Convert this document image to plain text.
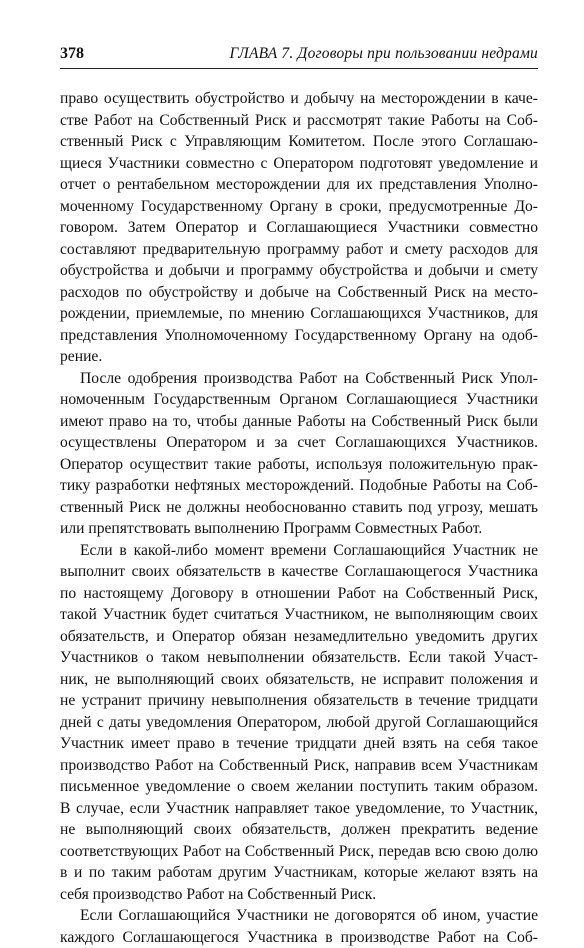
378	ГЛАВА 7. Договоры при пользовании недрами
право осуществить обустройство и добычу на месторождении в каче-
стве Работ на Собственный Риск и рассмотрят такие Работы на Соб-
ственный Риск с Управляющим Комитетом. После этого Соглашаю-
щиеся Участники совместно с Оператором подготовят уведомление и
отчет о рентабельном месторождении для их представления Уполно-
моченному Государственному Органу в сроки, предусмотренные До-
говором. Затем Оператор и Соглашающиеся Участники совместно
составляют предварительную программу работ и смету расходов для
обустройства и добычи и программу обустройства и добычи и смету
расходов по обустройству и добыче на Собственный Риск на место-
рождении, приемлемые, по мнению Соглашающихся Участников, для
представления Уполномоченному Государственному Органу на одоб-
рение.
После одобрения производства Работ на Собственный Риск Упол-
номоченным Государственным Органом Соглашающиеся Участники
имеют право на то, чтобы данные Работы на Собственный Риск были
осуществлены Оператором и за счет Соглашающихся Участников.
Оператор осуществит такие работы, используя положительную прак-
тику разработки нефтяных месторождений. Подобные Работы на Соб-
ственный Риск не должны необоснованно ставить под угрозу, мешать
или препятствовать выполнению Программ Совместных Работ.
Если в какой-либо момент времени Соглашающийся Участник не
выполнит своих обязательств в качестве Соглашающегося Участника
по настоящему Договору в отношении Работ на Собственный Риск,
такой Участник будет считаться Участником, не выполняющим своих
обязательств, и Оператор обязан незамедлительно уведомить других
Участников о таком невыполнении обязательств. Если такой Участ-
ник, не выполняющий своих обязательств, не исправит положения и
не устранит причину невыполнения обязательств в течение тридцати
дней с даты уведомления Оператором, любой другой Соглашающийся
Участник имеет право в течение тридцати дней взять на себя такое
производство Работ на Собственный Риск, направив всем Участникам
письменное уведомление о своем желании поступить таким образом.
В случае, если Участник направляет такое уведомление, то Участник,
не выполняющий своих обязательств, должен прекратить ведение
соответствующих Работ на Собственный Риск, передав всю свою долю
в и по таким работам другим Участникам, которые желают взять на
себя производство Работ на Собственный Риск.
Если Соглашающийся Участники не договорятся об ином, участие
каждого Соглашающегося Участника в производстве Работ на Соб-
